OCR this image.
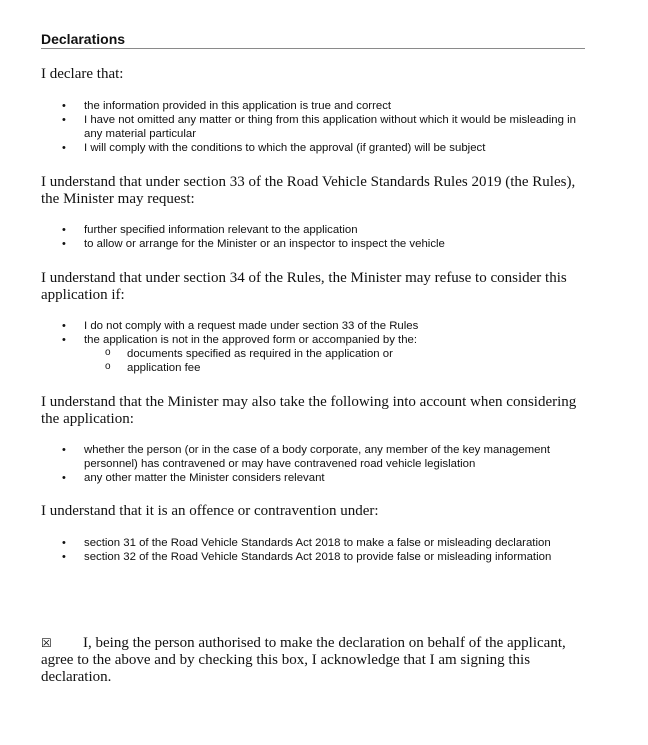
Declarations
I declare that:
• the information provided in this application is true and correct
• I have not omitted any matter or thing from this application without which it would be misleading in any material particular
• I will comply with the conditions to which the approval (if granted) will be subject
I understand that under section 33 of the Road Vehicle Standards Rules 2019 (the Rules), the Minister may request:
• further specified information relevant to the application
• to allow or arrange for the Minister or an inspector to inspect the vehicle
I understand that under section 34 of the Rules, the Minister may refuse to consider this application if:
• I do not comply with a request made under section 33 of the Rules
• the application is not in the approved form or accompanied by the:
o documents specified as required in the application or
o application fee
I understand that the Minister may also take the following into account when considering the application:
• whether the person (or in the case of a body corporate, any member of the key management personnel) has contravened or may have contravened road vehicle legislation
• any other matter the Minister considers relevant
I understand that it is an offence or contravention under:
• section 31 of the Road Vehicle Standards Act 2018 to make a false or misleading declaration
• section 32 of the Road Vehicle Standards Act 2018 to provide false or misleading information
☒ I, being the person authorised to make the declaration on behalf of the applicant, agree to the above and by checking this box, I acknowledge that I am signing this declaration.
